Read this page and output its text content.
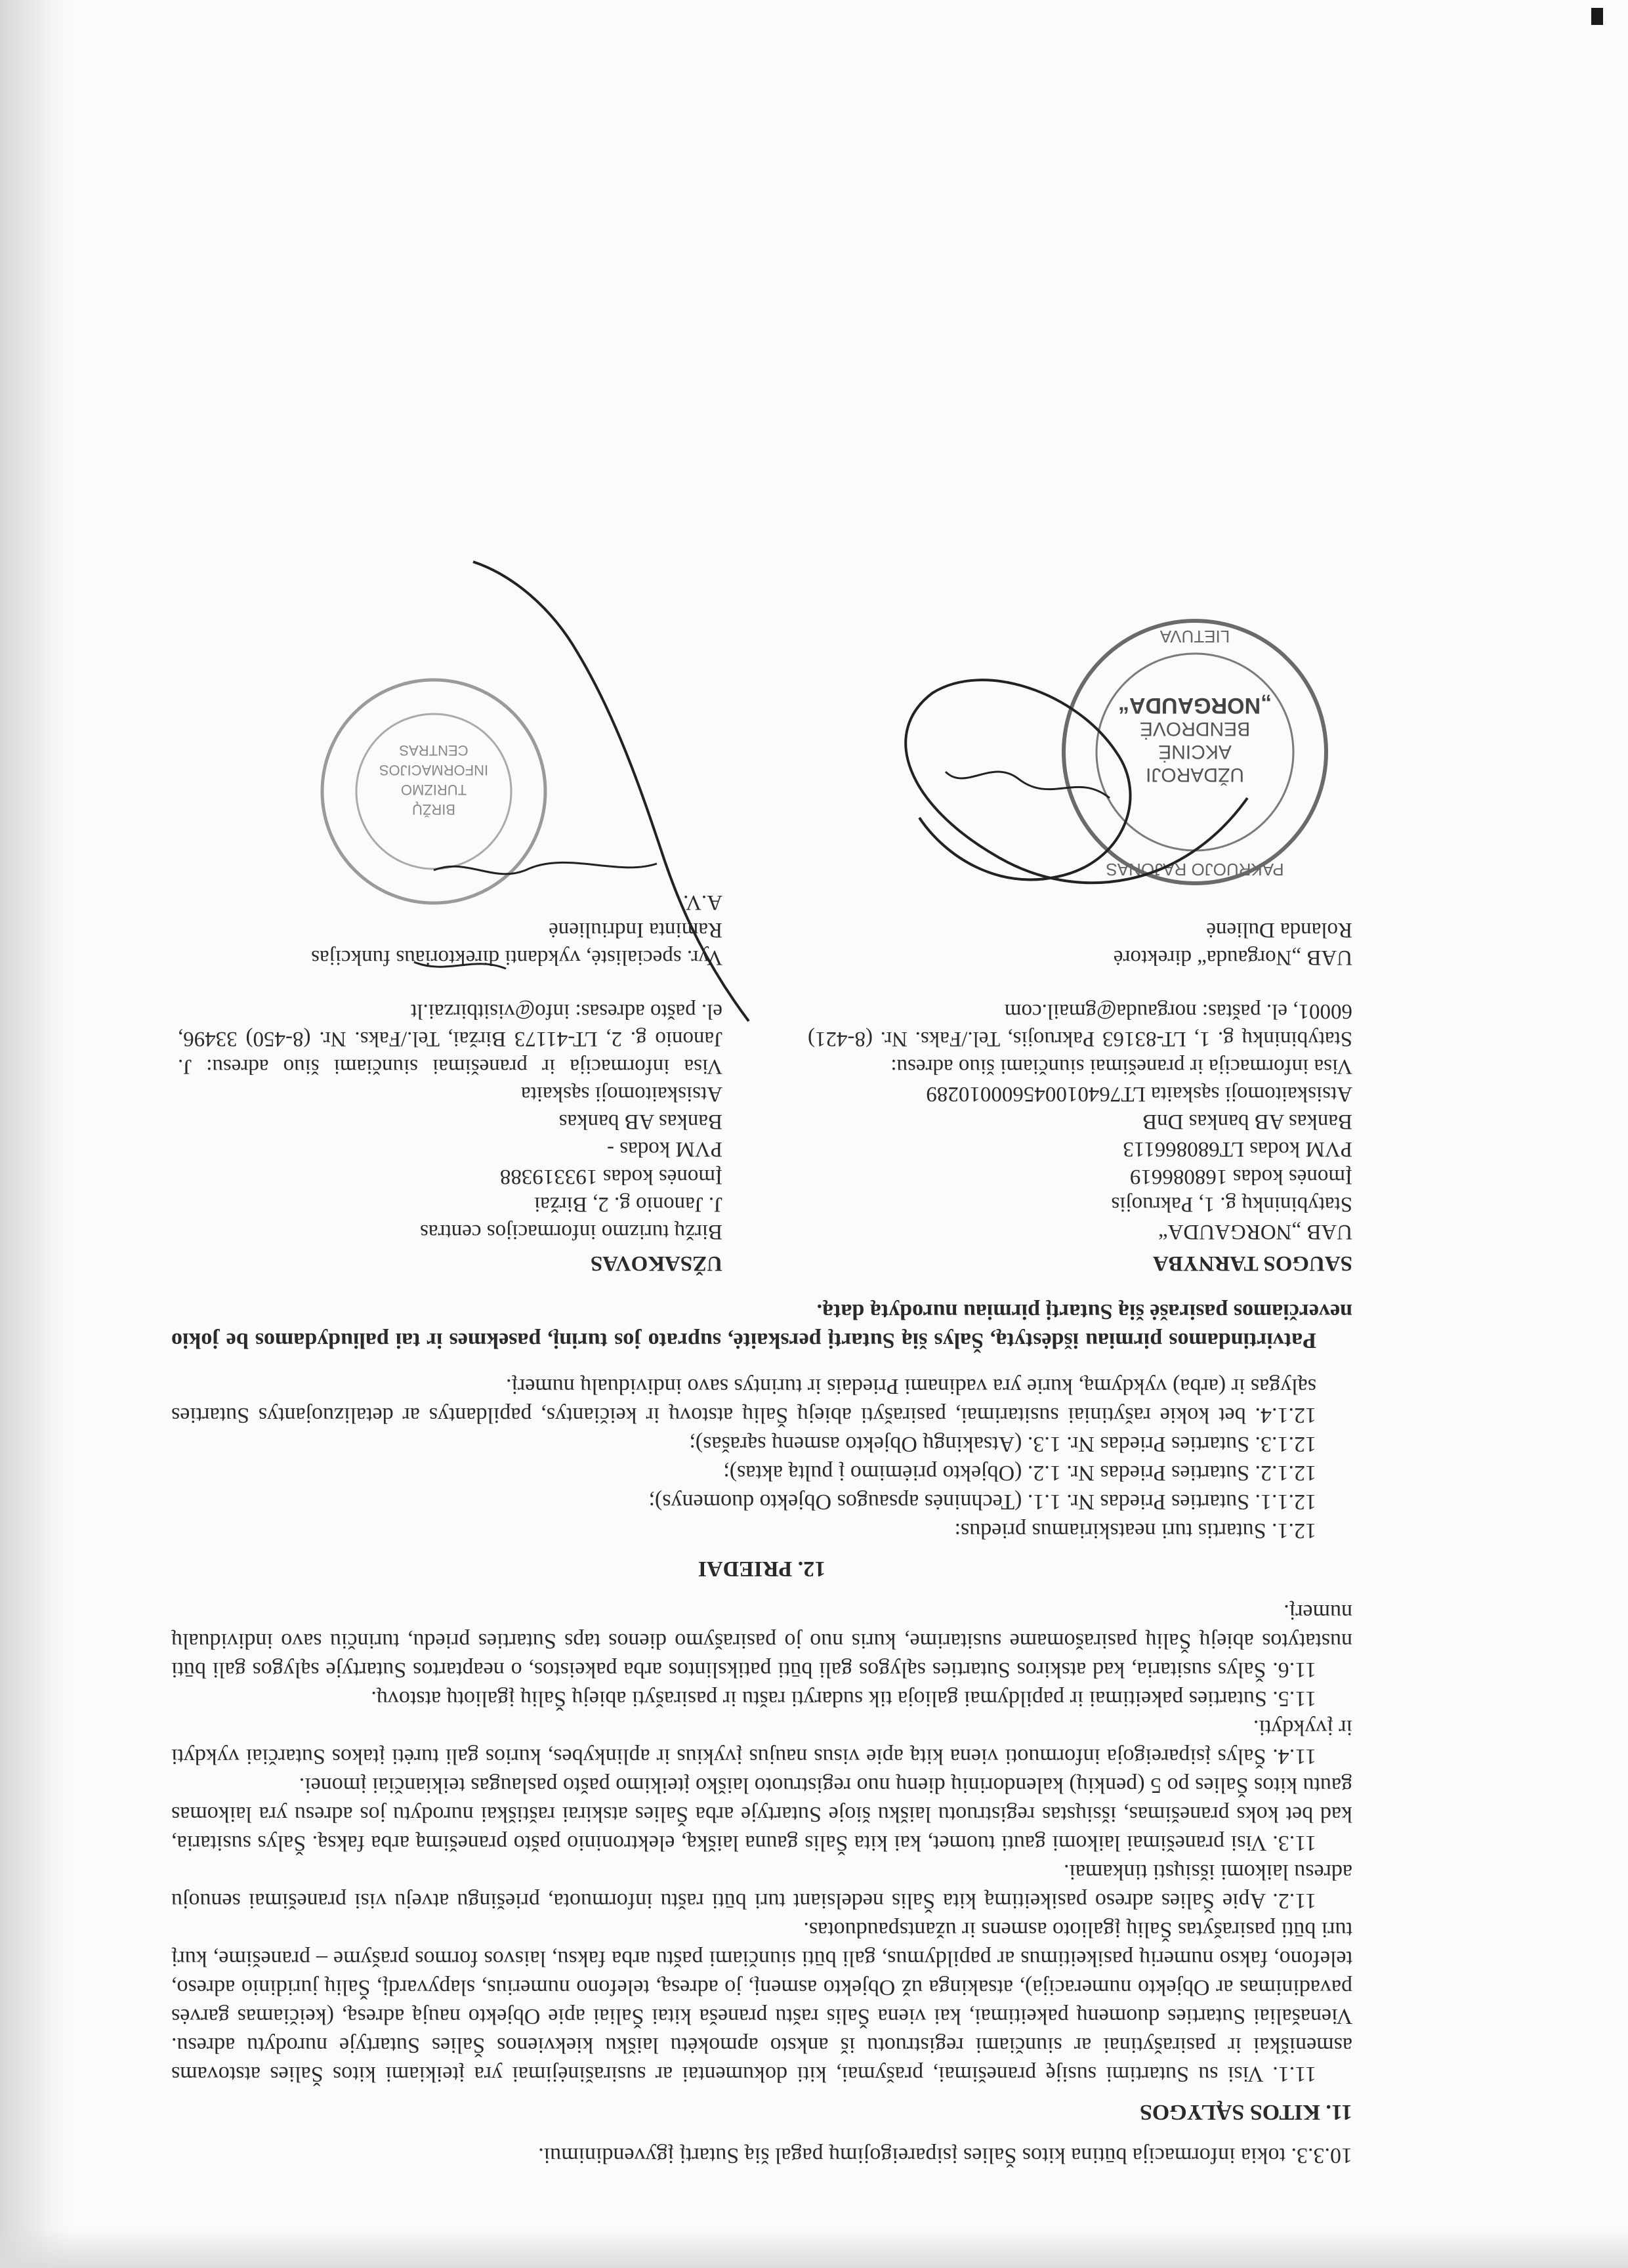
10.3.3. tokia informacija būtina kitos Šalies įsipareigojimų pagal šią Sutartį įgyvendinimui.

11. KITOS SĄLYGOS

11.1. Visi su Sutartimi susiję pranešimai, prašymai, kiti dokumentai ar susirašinėjimai yra įteikiami kitos Šalies atstovams asmeniškai ir pasirašytinai ar siunčiami registruotu iš anksto apmokėtu laišku kiekvienos Šalies Sutartyje nurodytu adresu. Vienašaliai Sutarties duomenų pakeitimai, kai viena Šalis raštu praneša kitai Šaliai apie Objekto naują adresą, (keičiamas garvės pavadinimas ar Objekto numeracija), atsakinga už Objekto asmenį, jo adresą, telefono numerius, slapyvardį, Šalių juridinio adreso, telefono, fakso numerių pasikeitimus ar papildymus, gali būti siunčiami paštu arba faksu, laisvos formos prašyme – pranešime, kurį turi būti pasirašytas Šalių įgalioto asmens ir užantspauduotas.

11.2. Apie Šalies adreso pasikeitimą kita Šalis nedelsiant turi būti raštu informuota, priešingu atveju visi pranešimai senuoju adresu laikomi išsiųsti tinkamai.

11.3. Visi pranešimai laikomi gauti tuomet, kai kita Šalis gauna laišką, elektroninio pašto pranešimą arba faksą. Šalys susitaria, kad bet koks pranešimas, išsiųstas registruotu laišku šioje Sutartyje arba Šalies atskirai raštiškai nurodytu jos adresu yra laikomas gautu kitos Šalies po 5 (penkių) kalendorinių dienų nuo registruoto laiško įteikimo pašto paslaugas teikiančiai įmonei.

11.4. Šalys įsipareigoja informuoti viena kitą apie visus naujus įvykius ir aplinkybes, kurios gali turėti įtakos Sutarčiai vykdyti ir įvykdyti.

11.5. Sutarties pakeitimai ir papildymai galioja tik sudaryti raštu ir pasirašyti abiejų Šalių įgaliotų atstovų.

11.6. Šalys susitaria, kad atskiros Sutarties sąlygos gali būti patikslintos arba pakeistos, o neaptartos Sutartyje sąlygos gali būti nustatytos abiejų Šalių pasirašomame susitarime, kuris nuo jo pasirašymo dienos taps Sutarties priedu, turinčiu savo individualų numerį.

12. PRIEDAI

12.1. Sutartis turi neatskiriamus priedus:

12.1.1. Sutarties Priedas Nr. 1.1. (Techninės apsaugos Objekto duomenys);

12.1.2. Sutarties Priedas Nr. 1.2. (Objekto priėmimo į pultą aktas);

12.1.3. Sutarties Priedas Nr. 1.3. (Atsakingų Objekto asmenų sąrašas);

12.1.4. bet kokie rašytiniai susitarimai, pasirašyti abiejų Šalių atstovų ir keičiantys, papildantys ar detalizuojantys Sutarties sąlygas ir (arba) vykdymą, kurie yra vadinami Priedais ir turintys savo individualų numerį.

Patvirtindamos pirmiau išdėstytą, Šalys šią Sutartį perskaitė, suprato jos turinį, pasekmes ir tai paliudydamos be jokio neverčiamos pasirašė šią Sutartį pirmiau nurodytą datą.

SAUGOS TARNYBA

UAB „NORGAUDA“

Statybininkų g. 1, Pakruojis

Įmonės kodas 168086619

PVM kodas LT680866113

Bankas AB bankas DnB

Atsiskaitomoji sąskaita LT764010045600010289

Visa informacija ir pranešimai siunčiami šiuo adresu:

Statybininkų g. 1, LT-83163 Pakruojis, Tel./Faks. Nr. (8-421) 60001, el. paštas: norgauda@gmail.com

UAB „Norgauda“ direktorė

Rolanda Dulienė

UŽSAKOVAS

Biržų turizmo informacijos centras

J. Janonio g. 2, Biržai

Įmonės kodas 193319388

PVM kodas -

Bankas AB bankas

Atsiskaitomoji sąskaita

Visa informacija ir pranešimai siunčiami šiuo adresu: J. Janonio g. 2, LT-41173 Biržai, Tel./Faks. Nr. (8-450) 33496, el. pašto adresas: info@visitbirzai.lt

Vyr. specialistė, vykdanti direktoriaus funkcijas

Ramintа Indriulienė

A.V.

UŽDAROJI
AKCINĖ
BENDROVĖ
„NORGAUDA“
PAKRUOJO RAJONAS
LIETUVA
BIRŽŲ
TURIZMO
INFORMACIJOS
CENTRAS
